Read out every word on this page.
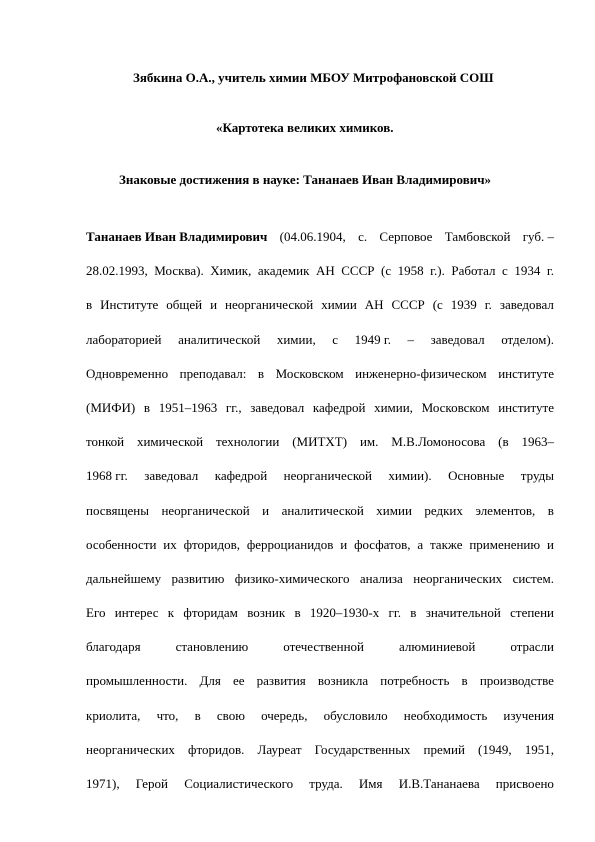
Зябкина О.А., учитель химии МБОУ Митрофановской СОШ
«Картотека великих химиков.
Знаковые достижения в науке: Тананаев Иван Владимирович»
Тананаев Иван Владимирович (04.06.1904, с. Серповое Тамбовской губ. –
28.02.1993, Москва). Химик, академик АН СССР (с 1958 г.). Работал с 1934 г.
в Институте общей и неорганической химии АН СССР (с 1939 г. заведовал
лабораторией аналитической химии, с 1949 г. – заведовал отделом).
Одновременно преподавал: в Московском инженерно-физическом институте
(МИФИ) в 1951–1963 гг., заведовал кафедрой химии, Московском институте
тонкой химической технологии (МИТХТ) им. М.В.Ломоносова (в 1963–
1968 гг. заведовал кафедрой неорганической химии). Основные труды
посвящены неорганической и аналитической химии редких элементов, в
особенности их фторидов, ферроцианидов и фосфатов, а также применению и
дальнейшему развитию физико-химического анализа неорганических систем.
Его интерес к фторидам возник в 1920–1930-х гг. в значительной степени
благодаря	становлению	отечественной	алюминиевой	отрасли
промышленности. Для ее развития возникла потребность в производстве
криолита, что, в свою очередь, обусловило необходимость изучения
неорганических фторидов. Лауреат Государственных премий (1949, 1951,
1971), Герой Социалистического труда. Имя И.В.Тананаева присвоено
